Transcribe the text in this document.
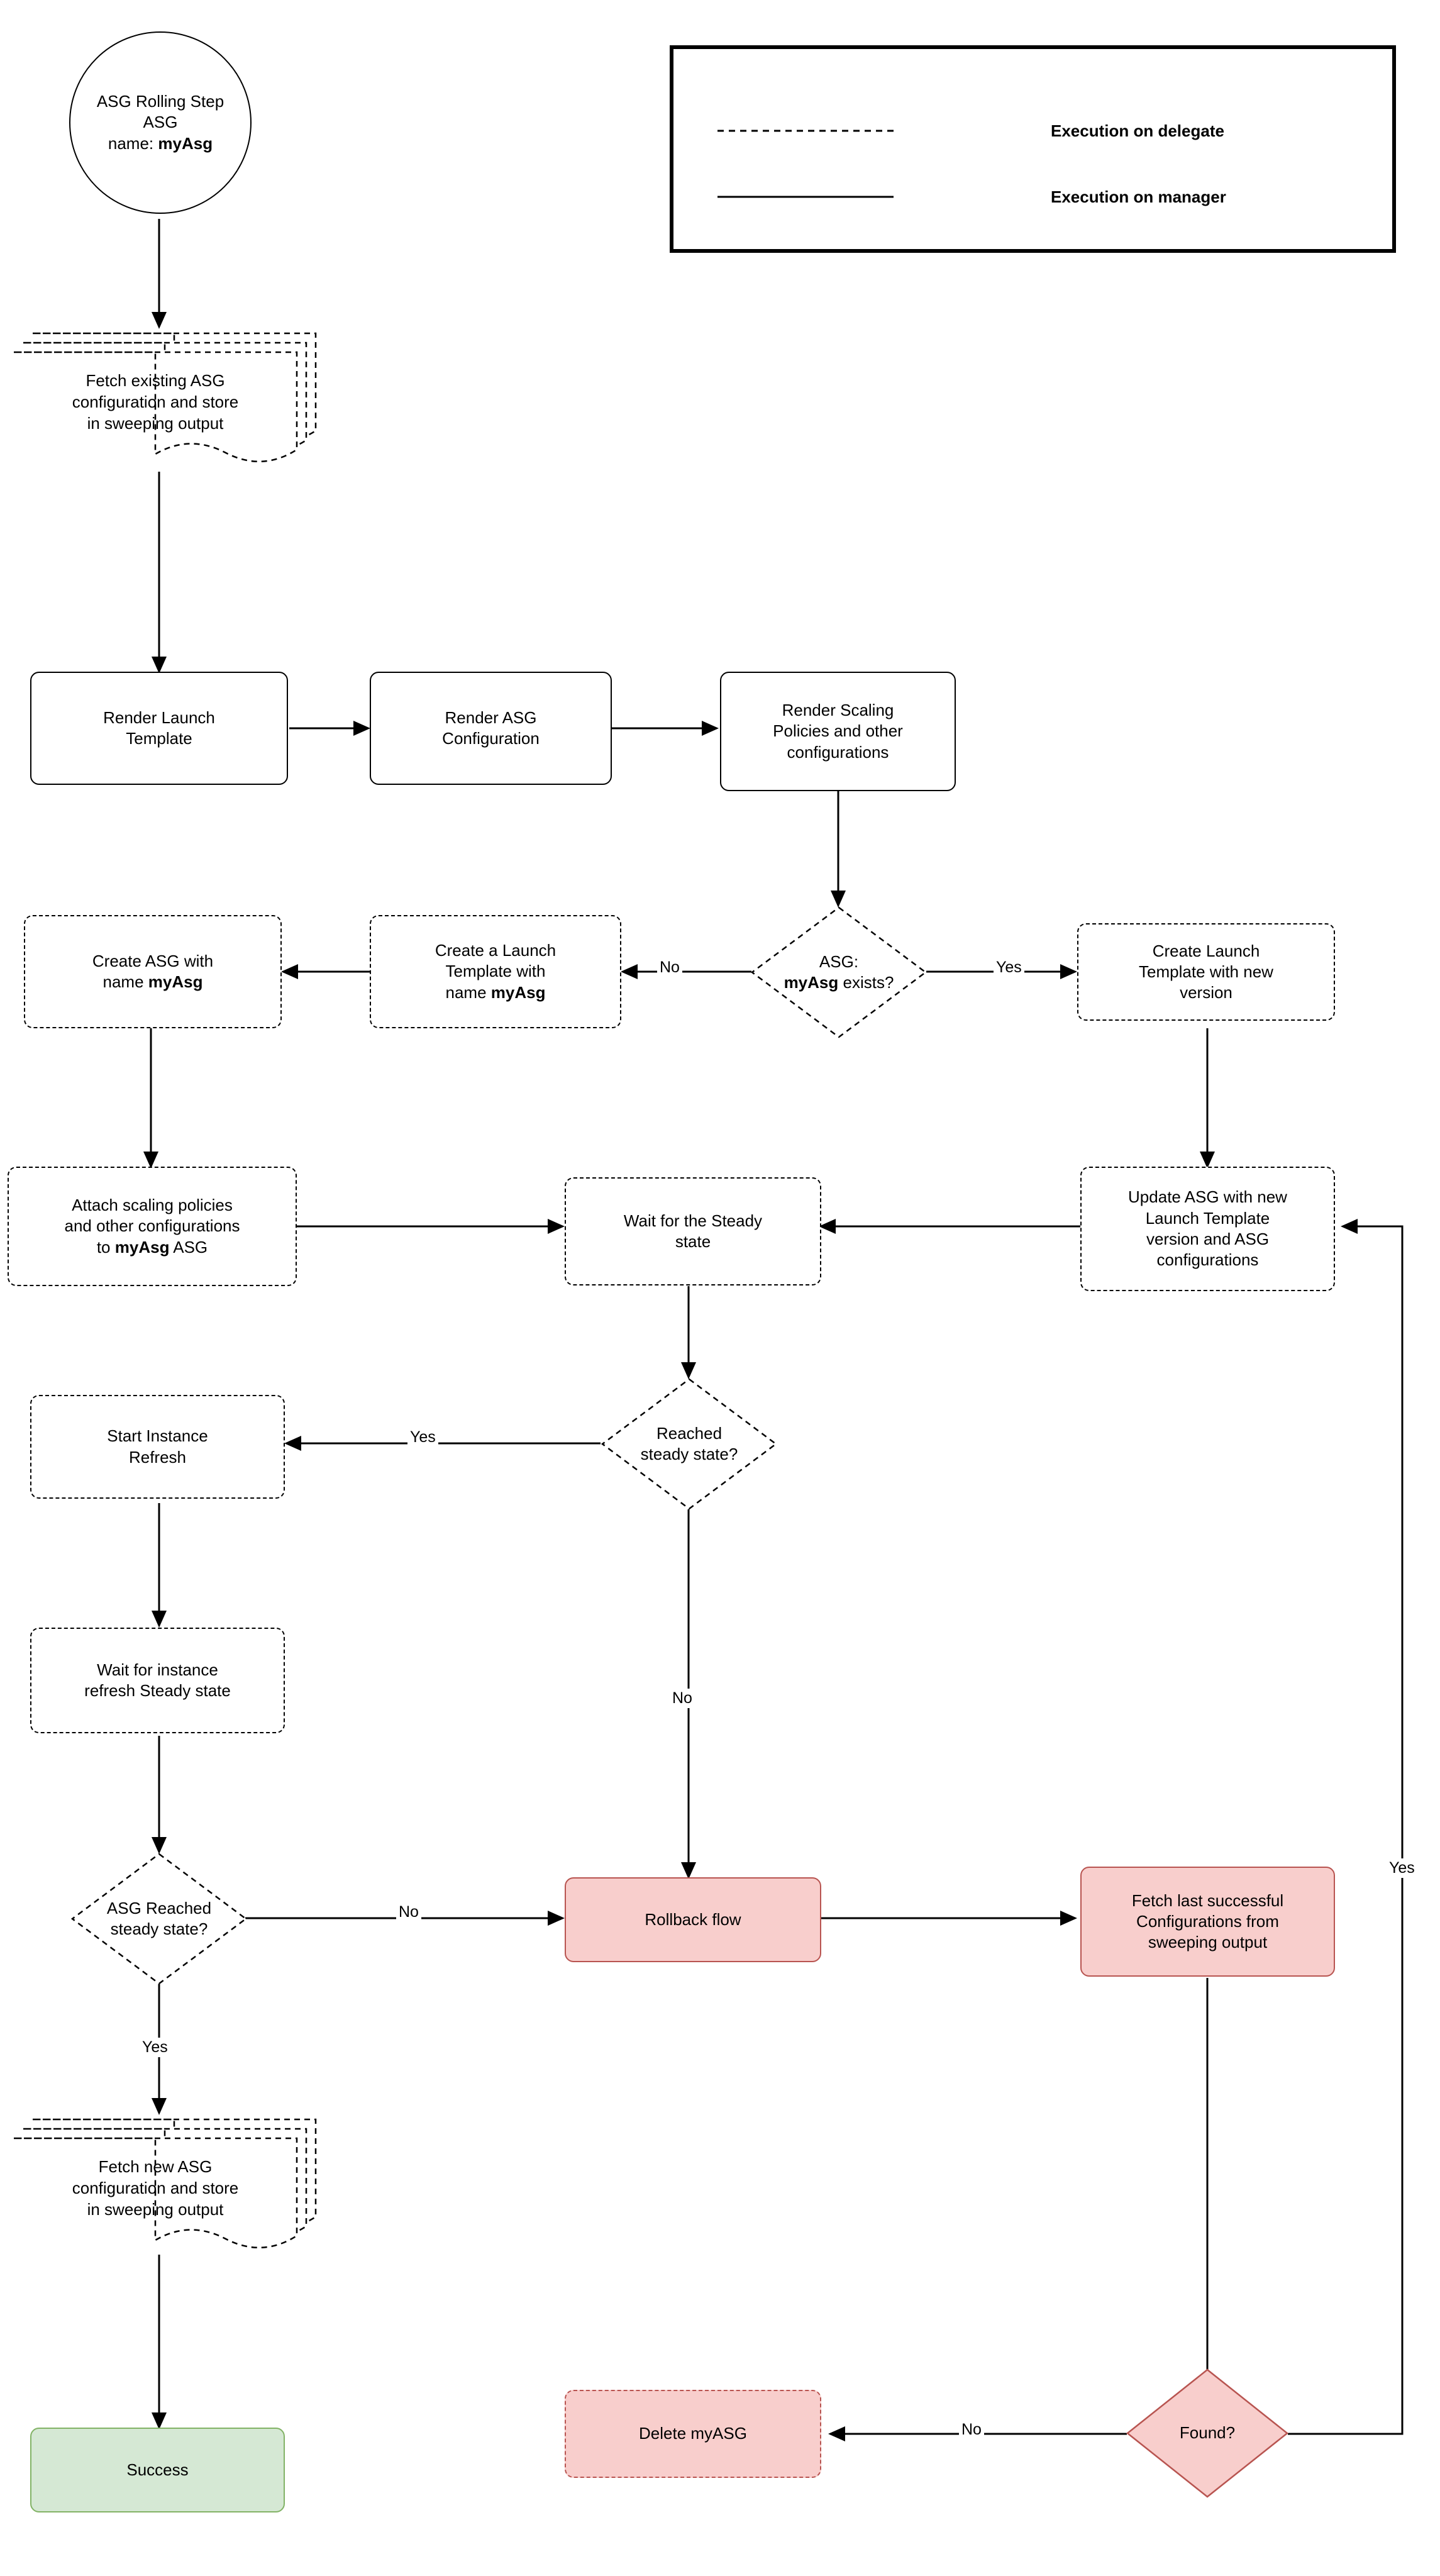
Execution on delegate
Execution on manager
ASG Rolling Step
ASG
name: myAsg
Fetch existing ASG
configuration and store
in sweeping output
Render Launch
Template
Render ASG
Configuration
Render Scaling
Policies and other
configurations
ASG:
myAsg exists?
Create Launch
Template with new
version
Create a Launch
Template with
name myAsg
Create ASG with
name myAsg
Attach scaling policies
and other configurations
to myAsg ASG
Wait for the Steady
state
Update ASG with new
Launch Template
version and ASG
configurations
Reached
steady state?
Start Instance
Refresh
Wait for instance
refresh Steady state
ASG Reached
steady state?
Rollback flow
Fetch last successful
Configurations from
sweeping output
Fetch new ASG
configuration and store
in sweeping output
Success
Found?
Delete myASG
No	Yes
Yes
No
No
Yes
No
Yes
